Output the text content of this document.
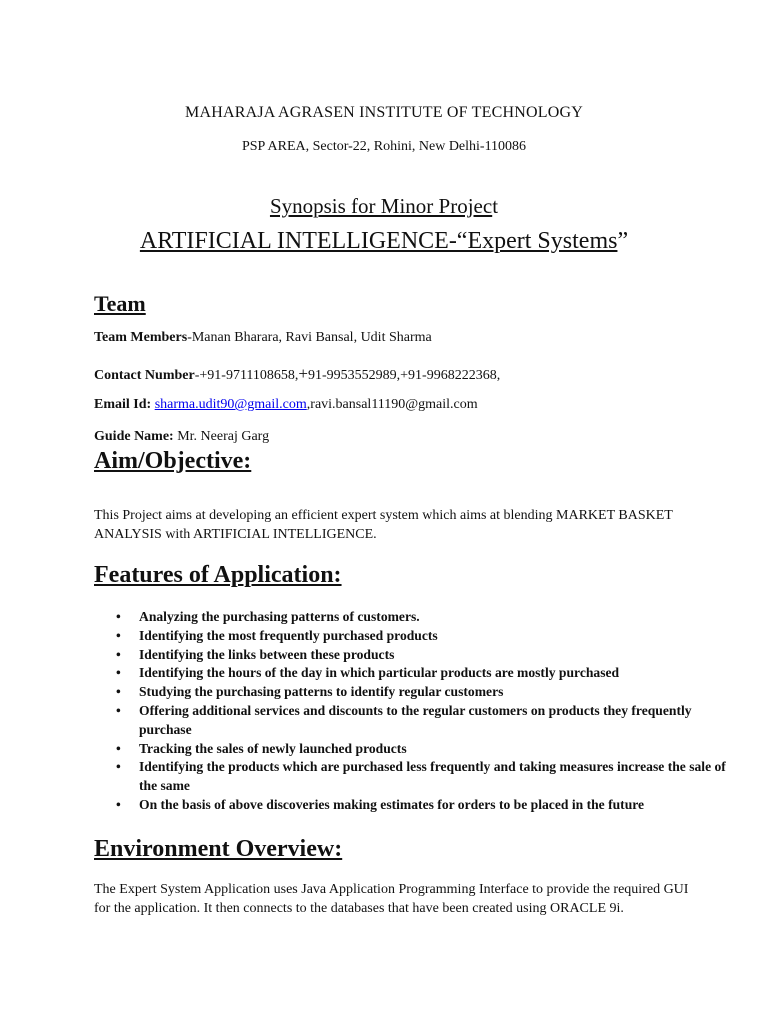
MAHARAJA AGRASEN INSTITUTE OF TECHNOLOGY
PSP AREA, Sector-22, Rohini, New Delhi-110086
Synopsis for Minor Project
ARTIFICIAL INTELLIGENCE-“Expert Systems”
Team
Team Members-Manan Bharara, Ravi Bansal, Udit Sharma
Contact Number-+91-9711108658,+91-9953552989,+91-9968222368,
Email Id: sharma.udit90@gmail.com,ravi.bansal11190@gmail.com
Guide Name: Mr. Neeraj Garg
Aim/Objective:
This Project aims at developing an efficient expert system which aims at blending MARKET BASKET ANALYSIS with ARTIFICIAL INTELLIGENCE.
Features of Application:
• Analyzing the purchasing patterns of customers.
• Identifying the most frequently purchased products
• Identifying the links between these products
• Identifying the hours of the day in which particular products are mostly purchased
• Studying the purchasing patterns to identify regular customers
• Offering additional services and discounts to the regular customers on products they frequently purchase
• Tracking the sales of newly launched products
• Identifying the products which are purchased less frequently and taking measures increase the sale of the same
• On the basis of above discoveries making estimates for orders to be placed in the future
Environment Overview:
The Expert System Application uses Java Application Programming Interface to provide the required GUI for the application. It then connects to the databases that have been created using ORACLE 9i.
